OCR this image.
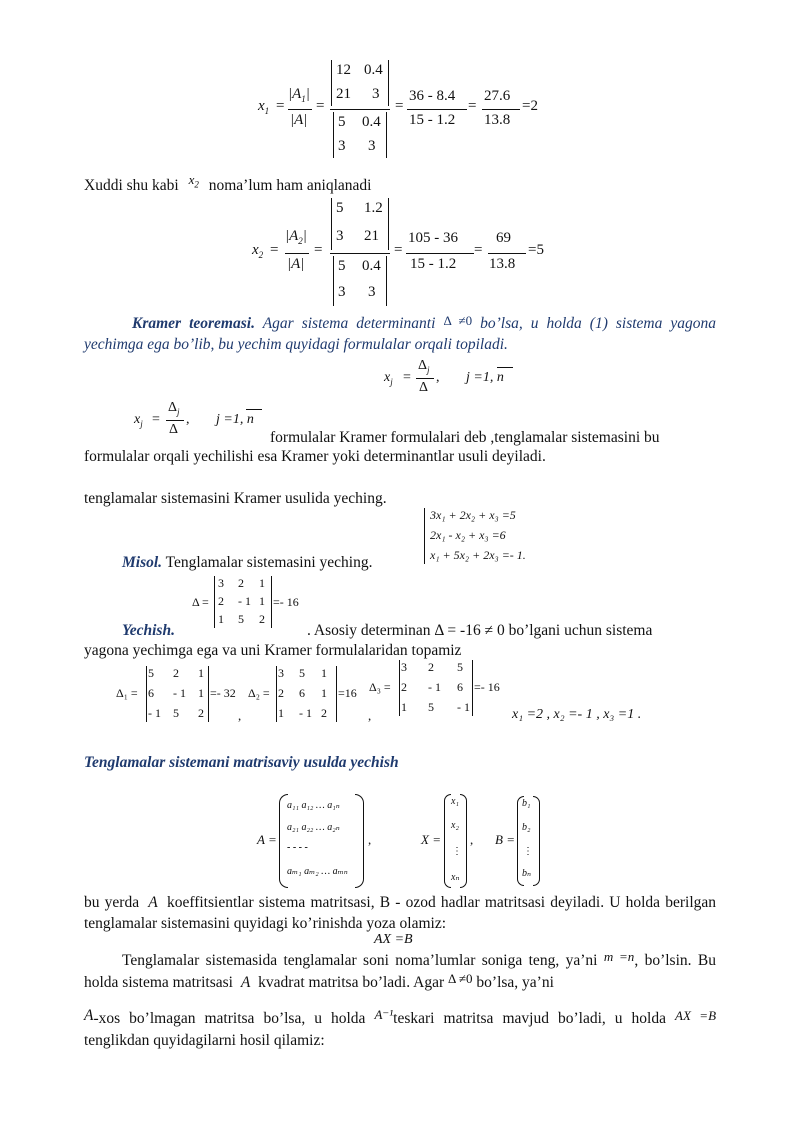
$x_1$ =
$|A_1|$
|A|
=
12 0.4
21 3
5 0.4
3 3
=
36 - 8.4
15 - 1.2
=
27.6
13.8
=2
Xuddi shu kabi $^{x_2}$ noma’lum ham aniqlanadi
$x_2$ =
$|A_2|$
|A|
=
5 1.2
3 21
5 0.4
3 3
=
105 - 36
15 - 1.2
=
69
13.8
=5
Kramer teoremasi. Agar sistema determinanti Δ ≠0 bo’lsa, u holda (1) sistema yagona yechimga ega bo’lib, bu yechim quyidagi formulalar orqali topiladi.
$x_j$ =
$\Delta_j$
Δ
, j =1, n
$x_j$ =
$\Delta_j$
Δ
, j =1, n
formulalar Kramer formulalari deb ,tenglamalar sistemasini bu
formulalar orqali yechilishi esa Kramer yoki determinantlar usuli deyiladi.
tenglamalar sistemasini Kramer usulida yeching.
3x₁ + 2x₂ + x₃ =5
2x₁ - x₂ + x₃ =6
x₁ + 5x₂ + 2x₃ =- 1.
Misol. Tenglamalar sistemasini yeching.
Δ =
3 2 1
2 - 1 1
1 5 2
=- 16
Yechish.	. Asosiy determinan Δ = -16 ≠ 0 bo’lgani uchun sistema
yagona yechimga ega va uni Kramer formulalaridan topamiz
Δ₁ =
5 2 1
6 - 1 1
- 1 5 2
=- 32
,
Δ₂ =
3 5 1
2 6 1
1 - 1 2
=16
,
Δ₃ =
3 2 5
2 - 1 6
1 5 - 1
=- 16
x₁ =2 , x₂ =- 1 , x₃ =1 .
Tenglamalar sistemani matrisaviy usulda yechish
A =
a₁₁ a₁₂ … a₁ₙ
a₂₁ a₂₂ … a₂ₙ
- - - -
aₘ₁ aₘ₂ … aₘₙ
,	X =
x₁
x₂
⋮
xₙ
, B =
b₁
b₂
⋮
bₙ
bu yerda A koeffitsientlar sistema matritsasi, B - ozod hadlar matritsasi deyiladi. U holda berilgan tenglamalar sistemasini quyidagi ko’rinishda yoza olamiz:
AX =B
Tenglamalar sistemasida tenglamalar soni noma’lumlar soniga teng, ya’ni $^{m =n}$, bo’lsin. Bu holda sistema matritsasi A kvadrat matritsa bo’ladi. Agar $^{\Delta \ne 0}$ bo’lsa, ya’ni
A-xos bo’lmagan matritsa bo’lsa, u holda $^{A^{-1}}$teskari matritsa mavjud bo’ladi, u holda AX =B tenglikdan quyidagilarni hosil qilamiz:
